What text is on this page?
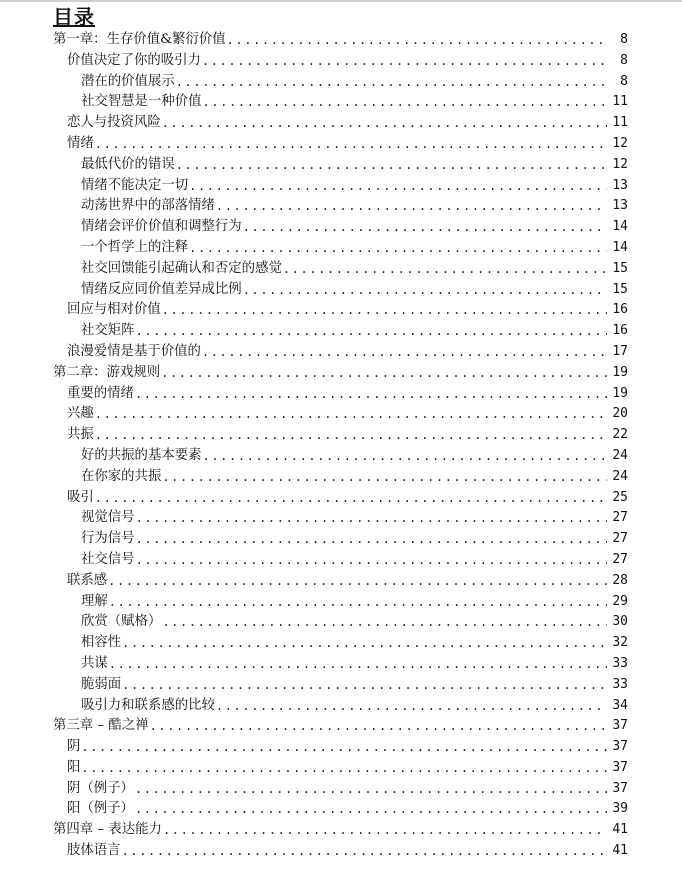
目录
第一章：生存价值&繁衍价值 .....	8
价值决定了你的吸引力 .....	8
潜在的价值展示 .....	8
社交智慧是一种价值 .....	11
恋人与投资风险 .....	11
情绪 .....	12
最低代价的错误 .....	12
情绪不能决定一切 .....	13
动荡世界中的部落情绪 .....	13
情绪会评价价值和调整行为 .....	14
一个哲学上的注释 .....	14
社交回馈能引起确认和否定的感觉 .....	15
情绪反应同价值差异成比例 .....	15
回应与相对价值 .....	16
社交矩阵 .....	16
浪漫爱情是基于价值的 .....	17
第二章：游戏规则 .....	19
重要的情绪 .....	19
兴趣 .....	20
共振 .....	22
好的共振的基本要素 .....	24
在你家的共振 .....	24
吸引 .....	25
视觉信号 .....	27
行为信号 .....	27
社交信号 .....	27
联系感 .....	28
理解 .....	29
欣赏（赋格） .....	30
相容性 .....	32
共谋 .....	33
脆弱面 .....	33
吸引力和联系感的比较 .....	34
第三章 – 酷之禅 .....	37
阴 .....	37
阳 .....	37
阴（例子） .....	37
阳（例子） .....	39
第四章 – 表达能力 .....	41
肢体语言 .....	41
